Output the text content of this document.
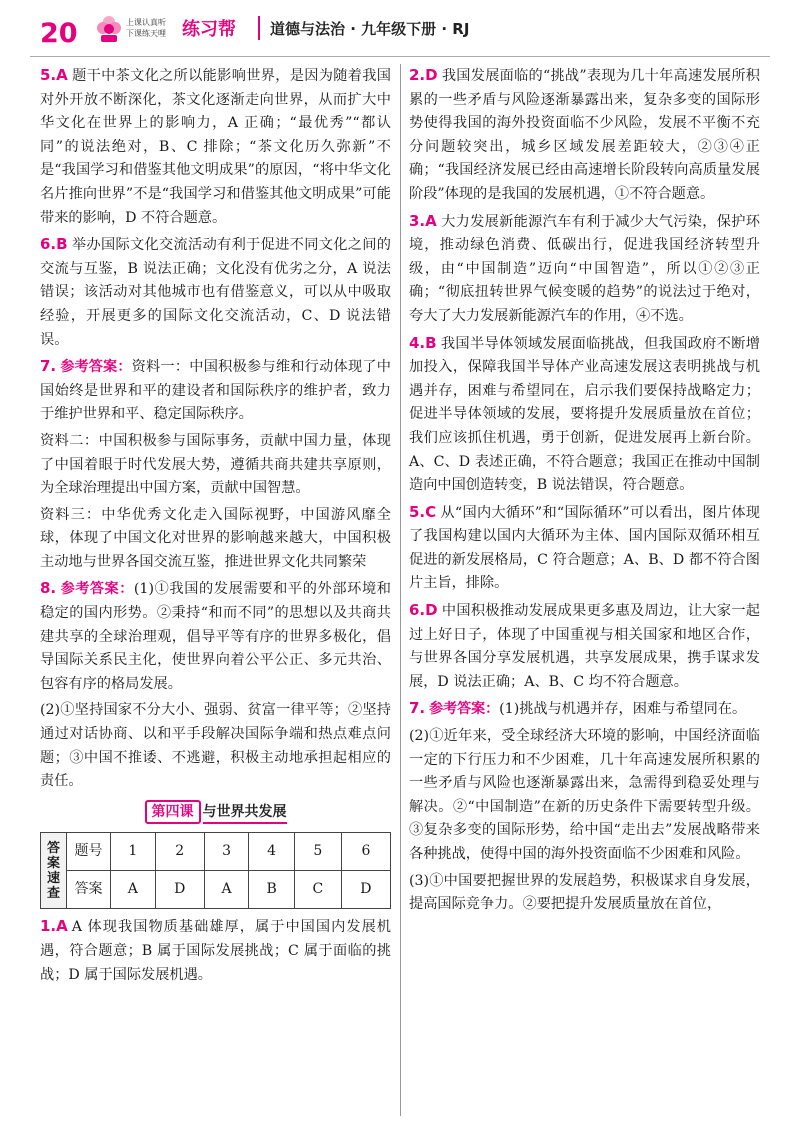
20	上课认真听
下课练天哩 练习帮 道德与法治 · 九年级下册 · RJ

5.A 题干中茶文化之所以能影响世界，是因为随着我国对外开放不断深化，茶文化逐渐走向世界，从而扩大中华文化在世界上的影响力，A 正确；“最优秀”“都认同”的说法绝对，B、C 排除；“茶文化历久弥新”不是“我国学习和借鉴其他文明成果”的原因，“将中华文化名片推向世界”不是“我国学习和借鉴其他文明成果”可能带来的影响，D 不符合题意。

6.B 举办国际文化交流活动有利于促进不同文化之间的交流与互鉴，B 说法正确；文化没有优劣之分，A 说法错误；该活动对其他城市也有借鉴意义，可以从中吸取经验，开展更多的国际文化交流活动，C、D 说法错误。

7. 参考答案：资料一：中国积极参与维和行动体现了中国始终是世界和平的建设者和国际秩序的维护者，致力于维护世界和平、稳定国际秩序。

资料二：中国积极参与国际事务，贡献中国力量，体现了中国着眼于时代发展大势，遵循共商共建共享原则，为全球治理提出中国方案，贡献中国智慧。

资料三：中华优秀文化走入国际视野，中国游风靡全球，体现了中国文化对世界的影响越来越大，中国积极主动地与世界各国交流互鉴，推进世界文化共同繁荣

8. 参考答案：(1)①我国的发展需要和平的外部环境和稳定的国内形势。②秉持“和而不同”的思想以及共商共建共享的全球治理观，倡导平等有序的世界多极化，倡导国际关系民主化，使世界向着公平公正、多元共治、包容有序的格局发展。

(2)①坚持国家不分大小、强弱、贫富一律平等；②坚持通过对话协商、以和平手段解决国际争端和热点难点问题；③中国不推诿、不逃避，积极主动地承担起相应的责任。

第四课 与世界共发展
答案速查	题号	1	2	3	4	5	6
	答案	A	D	A	B	C	D

1.A A 体现我国物质基础雄厚，属于中国国内发展机遇，符合题意；B 属于国际发展挑战；C 属于面临的挑战；D 属于国际发展机遇。

2.D 我国发展面临的“挑战”表现为几十年高速发展所积累的一些矛盾与风险逐渐暴露出来，复杂多变的国际形势使得我国的海外投资面临不少风险，发展不平衡不充分问题较突出，城乡区域发展差距较大，②③④正确；“我国经济发展已经由高速增长阶段转向高质量发展阶段”体现的是我国的发展机遇，①不符合题意。

3.A 大力发展新能源汽车有利于减少大气污染，保护环境，推动绿色消费、低碳出行，促进我国经济转型升级，由“中国制造”迈向“中国智造”，所以①②③正确；“彻底扭转世界气候变暖的趋势”的说法过于绝对，夸大了大力发展新能源汽车的作用，④不选。

4.B 我国半导体领域发展面临挑战，但我国政府不断增加投入，保障我国半导体产业高速发展这表明挑战与机遇并存，困难与希望同在，启示我们要保持战略定力；促进半导体领域的发展，要将提升发展质量放在首位；我们应该抓住机遇，勇于创新，促进发展再上新台阶。A、C、D 表述正确，不符合题意；我国正在推动中国制造向中国创造转变，B 说法错误，符合题意。

5.C 从“国内大循环”和“国际循环”可以看出，图片体现了我国构建以国内大循环为主体、国内国际双循环相互促进的新发展格局，C 符合题意；A、B、D 都不符合图片主旨，排除。

6.D 中国积极推动发展成果更多惠及周边，让大家一起过上好日子，体现了中国重视与相关国家和地区合作，与世界各国分享发展机遇，共享发展成果，携手谋求发展，D 说法正确；A、B、C 均不符合题意。

7. 参考答案：(1)挑战与机遇并存，困难与希望同在。

(2)①近年来，受全球经济大环境的影响，中国经济面临一定的下行压力和不少困难，几十年高速发展所积累的一些矛盾与风险也逐渐暴露出来，急需得到稳妥处理与解决。②“中国制造”在新的历史条件下需要转型升级。③复杂多变的国际形势，给中国“走出去”发展战略带来各种挑战，使得中国的海外投资面临不少困难和风险。

(3)①中国要把握世界的发展趋势，积极谋求自身发展，提高国际竞争力。②要把提升发展质量放在首位，
